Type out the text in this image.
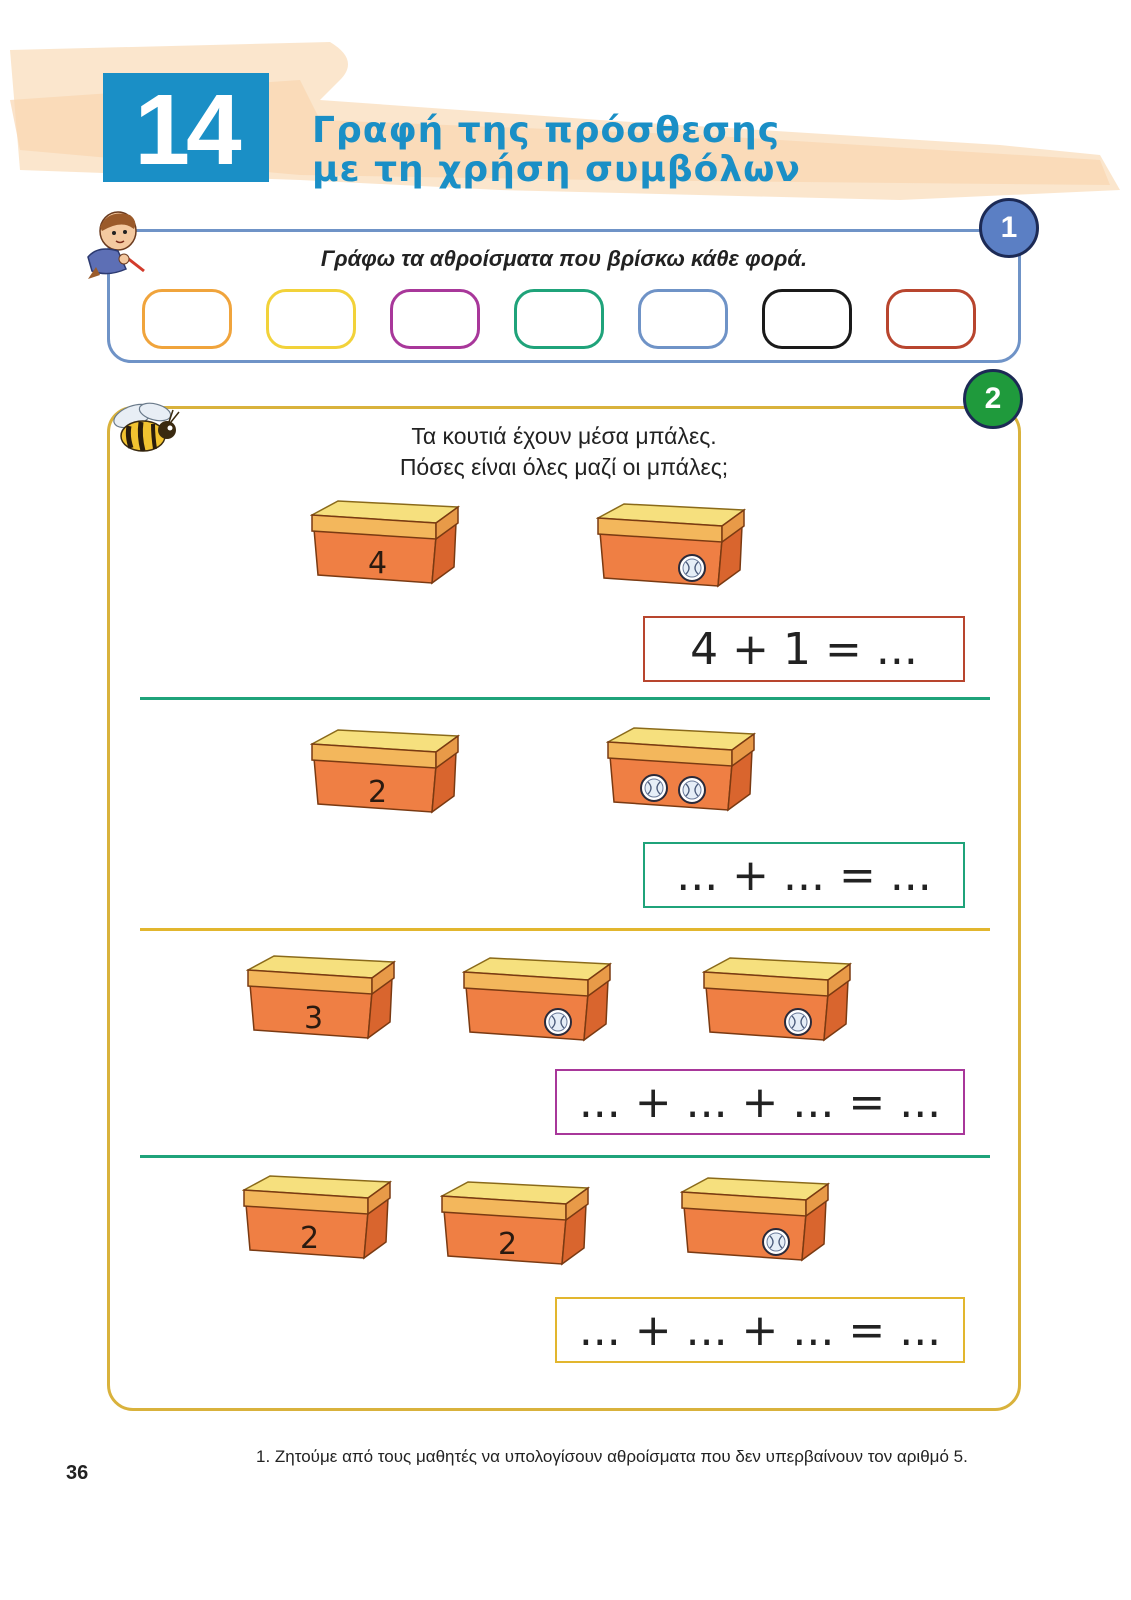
14 Γραφή της πρόσθεσης
με τη χρήση συμβόλων
Γράφω τα αθροίσματα που βρίσκω κάθε φορά.
1
2
Τα κουτιά έχουν μέσα μπάλες.
Πόσες είναι όλες μαζί οι μπάλες;
4
4 + 1 = ...
2
... + ... = ...
3
... + ... + ... = ...
2	2
... + ... + ... = ...
1. Ζητούμε από τους μαθητές να υπολογίσουν αθροίσματα που δεν υπερβαίνουν τον αριθμό 5.
36
